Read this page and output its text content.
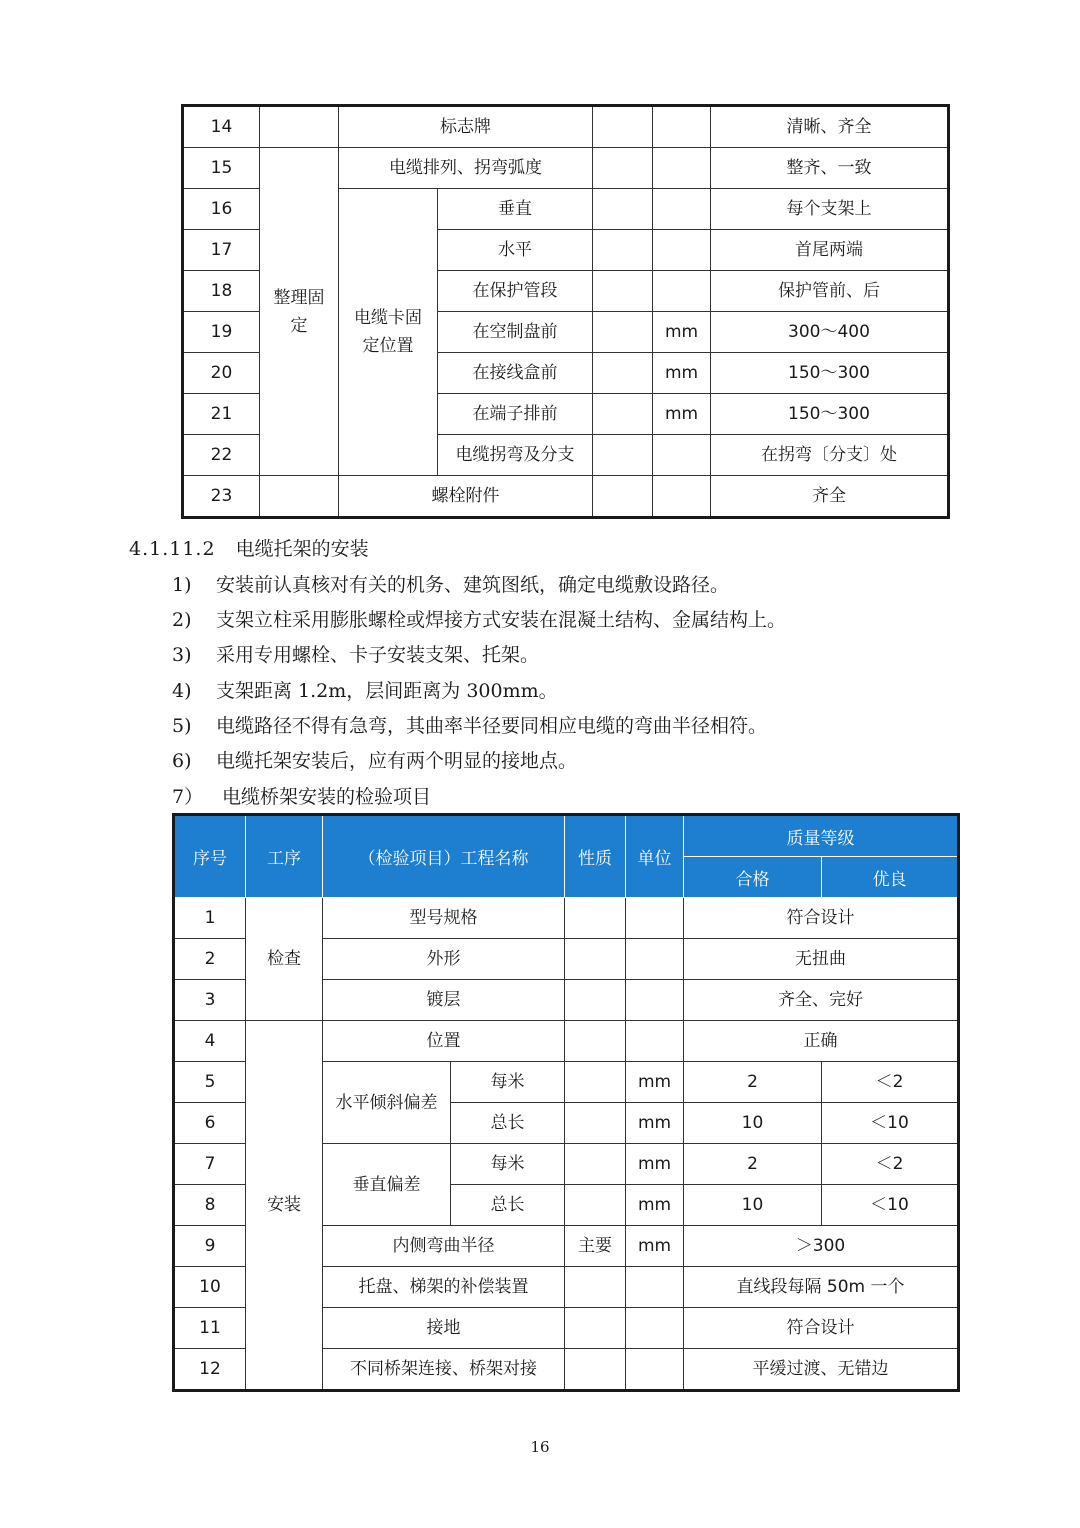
14		标志牌				清晰、齐全
15	整理固定	电缆排列、拐弯弧度				整齐、一致
16		电缆卡固定位置	垂直			每个支架上
17			水平			首尾两端
18			在保护管段			保护管前、后
19			在空制盘前		mm	300～400
20			在接线盒前		mm	150～300
21			在端子排前		mm	150～300
22			电缆拐弯及分支			在拐弯〔分支〕处
23		螺栓附件				齐全
4.1.11.2 电缆托架的安装
1) 安装前认真核对有关的机务、建筑图纸，确定电缆敷设路径。
2) 支架立柱采用膨胀螺栓或焊接方式安装在混凝土结构、金属结构上。
3) 采用专用螺栓、卡子安装支架、托架。
4) 支架距离 1.2m，层间距离为 300mm。
5) 电缆路径不得有急弯，其曲率半径要同相应电缆的弯曲半径相符。
6) 电缆托架安装后，应有两个明显的接地点。
7） 电缆桥架安装的检验项目
序号	工序	（检验项目）工程名称		性质	单位	质量等级	
						合格	优良
1	检查	型号规格				符合设计	
2		外形				无扭曲	
3		镀层				齐全、完好	
4	安装	位置				正确	
5		水平倾斜偏差	每米		mm	2	＜2
6			总长		mm	10	＜10
7		垂直偏差	每米		mm	2	＜2
8			总长		mm	10	＜10
9		内侧弯曲半径		主要	mm	＞300	
10		托盘、梯架的补偿装置				直线段每隔 50m 一个	
11		接地				符合设计	
12		不同桥架连接、桥架对接				平缓过渡、无错边	
16
